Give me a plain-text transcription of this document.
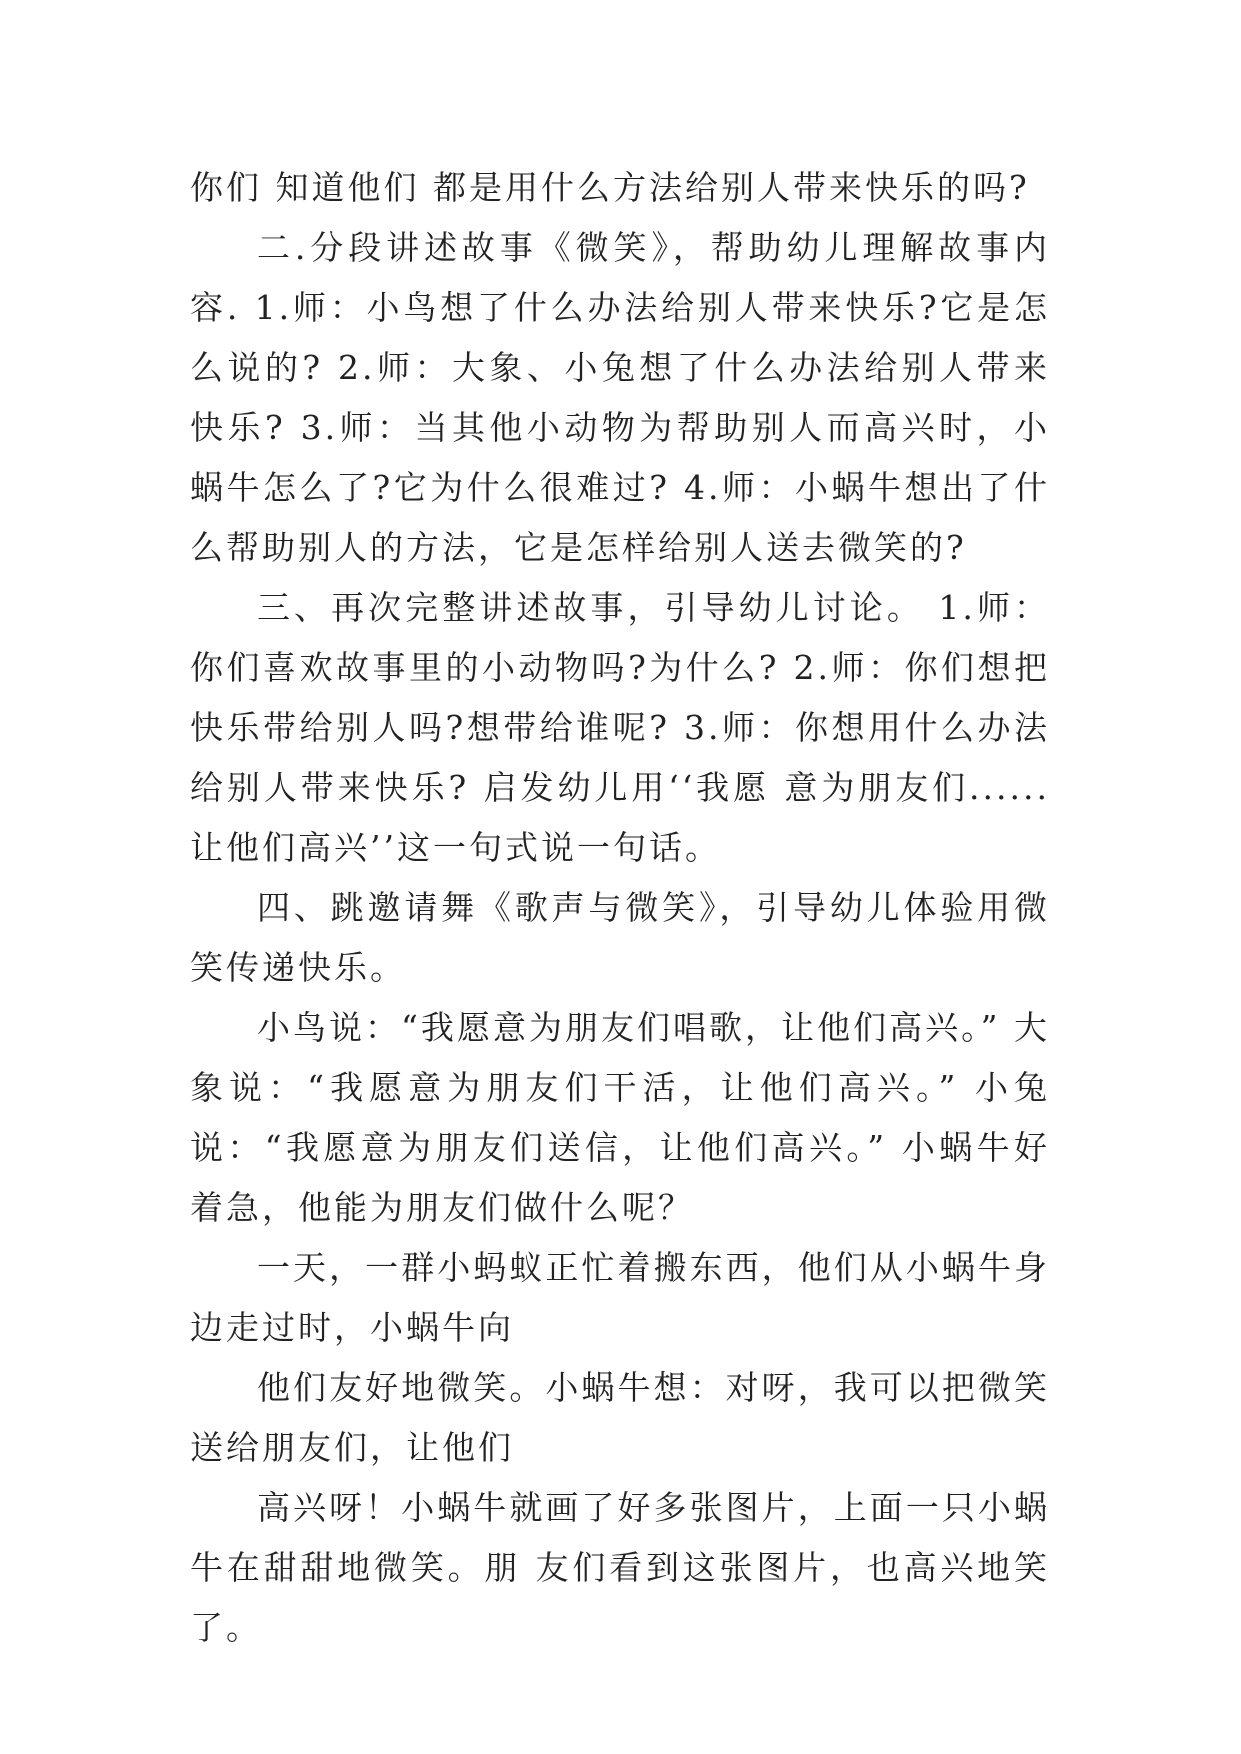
你们 知道他们 都是用什么方法给别人带来快乐的吗?

二.分段讲述故事《微笑》，帮助幼儿理解故事内容. 1.师：小鸟想了什么办法给别人带来快乐?它是怎么说的? 2.师：大象、小兔想了什么办法给别人带来快乐? 3.师：当其他小动物为帮助别人而高兴时，小蜗牛怎么了?它为什么很难过? 4.师：小蜗牛想出了什么帮助别人的方法，它是怎样给别人送去微笑的?

三、再次完整讲述故事，引导幼儿讨论。 1.师：你们喜欢故事里的小动物吗?为什么? 2.师：你们想把快乐带给别人吗?想带给谁呢? 3.师：你想用什么办法给别人带来快乐? 启发幼儿用‘‘我愿 意为朋友们......让他们高兴’’这一句式说一句话。

四、跳邀请舞《歌声与微笑》，引导幼儿体验用微笑传递快乐。

小鸟说：“我愿意为朋友们唱歌，让他们高兴。” 大象说：“我愿意为朋友们干活，让他们高兴。” 小兔说：“我愿意为朋友们送信，让他们高兴。” 小蜗牛好着急，他能为朋友们做什么呢？

一天，一群小蚂蚁正忙着搬东西，他们从小蜗牛身边走过时，小蜗牛向

他们友好地微笑。小蜗牛想：对呀，我可以把微笑送给朋友们，让他们

高兴呀！小蜗牛就画了好多张图片，上面一只小蜗牛在甜甜地微笑。朋 友们看到这张图片，也高兴地笑了。
